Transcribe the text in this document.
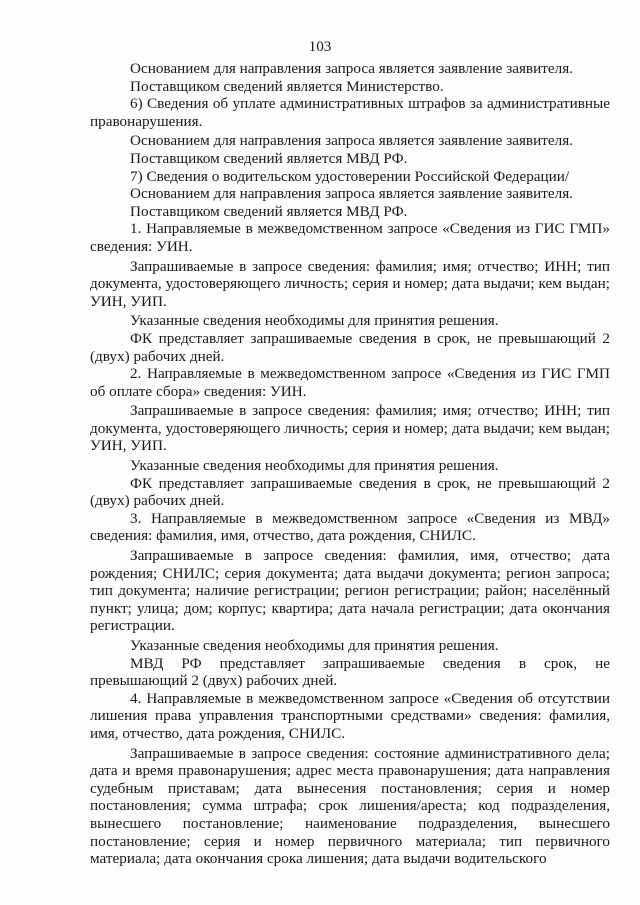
103

Основанием для направления запроса является заявление заявителя.

Поставщиком сведений является Министерство.

6) Сведения об уплате административных штрафов за административные правонарушения.

Основанием для направления запроса является заявление заявителя.

Поставщиком сведений является МВД РФ.

7) Сведения о водительском удостоверении Российской Федерации/

Основанием для направления запроса является заявление заявителя.

Поставщиком сведений является МВД РФ.

1. Направляемые в межведомственном запросе «Сведения из ГИС ГМП» сведения: УИН.

Запрашиваемые в запросе сведения: фамилия; имя; отчество; ИНН; тип документа, удостоверяющего личность; серия и номер; дата выдачи; кем выдан; УИН, УИП.

Указанные сведения необходимы для принятия решения.

ФК представляет запрашиваемые сведения в срок, не превышающий 2 (двух) рабочих дней.

2. Направляемые в межведомственном запросе «Сведения из ГИС ГМП об оплате сбора» сведения: УИН.

Запрашиваемые в запросе сведения: фамилия; имя; отчество; ИНН; тип документа, удостоверяющего личность; серия и номер; дата выдачи; кем выдан; УИН, УИП.

Указанные сведения необходимы для принятия решения.

ФК представляет запрашиваемые сведения в срок, не превышающий 2 (двух) рабочих дней.

3. Направляемые в межведомственном запросе «Сведения из МВД» сведения: фамилия, имя, отчество, дата рождения, СНИЛС.

Запрашиваемые в запросе сведения: фамилия, имя, отчество; дата рождения; СНИЛС; серия документа; дата выдачи документа; регион запроса; тип документа; наличие регистрации; регион регистрации; район; населённый пункт; улица; дом; корпус; квартира; дата начала регистрации; дата окончания регистрации.

Указанные сведения необходимы для принятия решения.

МВД РФ представляет запрашиваемые сведения в срок, не превышающий 2 (двух) рабочих дней.

4. Направляемые в межведомственном запросе «Сведения об отсутствии лишения права управления транспортными средствами» сведения: фамилия, имя, отчество, дата рождения, СНИЛС.

Запрашиваемые в запросе сведения: состояние административного дела; дата и время правонарушения; адрес места правонарушения; дата направления судебным приставам; дата вынесения постановления; серия и номер постановления; сумма штрафа; срок лишения/ареста; код подразделения, вынесшего постановление; наименование подразделения, вынесшего постановление; серия и номер первичного материала; тип первичного материала; дата окончания срока лишения; дата выдачи водительского
